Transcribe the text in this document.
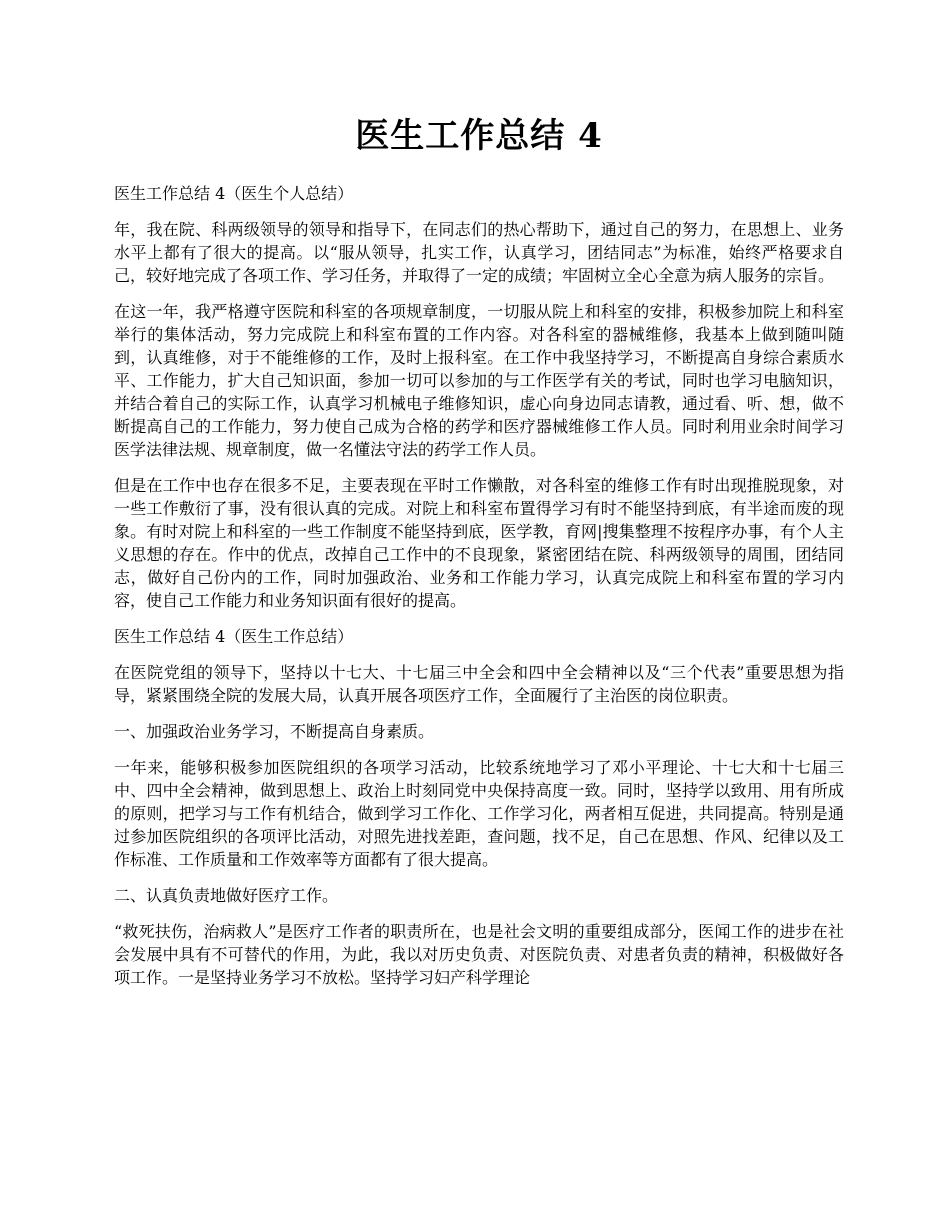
医生工作总结 4

医生工作总结 4（医生个人总结）

年，我在院、科两级领导的领导和指导下，在同志们的热心帮助下，通过自己的努力，在思想上、业务水平上都有了很大的提高。以“服从领导，扎实工作，认真学习，团结同志”为标准，始终严格要求自己，较好地完成了各项工作、学习任务，并取得了一定的成绩；牢固树立全心全意为病人服务的宗旨。

在这一年，我严格遵守医院和科室的各项规章制度，一切服从院上和科室的安排，积极参加院上和科室举行的集体活动，努力完成院上和科室布置的工作内容。对各科室的器械维修，我基本上做到随叫随到，认真维修，对于不能维修的工作，及时上报科室。在工作中我坚持学习，不断提高自身综合素质水平、工作能力，扩大自己知识面，参加一切可以参加的与工作医学有关的考试，同时也学习电脑知识，并结合着自己的实际工作，认真学习机械电子维修知识，虚心向身边同志请教，通过看、听、想，做不断提高自己的工作能力，努力使自己成为合格的药学和医疗器械维修工作人员。同时利用业余时间学习医学法律法规、规章制度，做一名懂法守法的药学工作人员。

但是在工作中也存在很多不足，主要表现在平时工作懒散，对各科室的维修工作有时出现推脱现象，对一些工作敷衍了事，没有很认真的完成。对院上和科室布置得学习有时不能坚持到底，有半途而废的现象。有时对院上和科室的一些工作制度不能坚持到底，医学教，育网|搜集整理不按程序办事，有个人主义思想的存在。作中的优点，改掉自己工作中的不良现象，紧密团结在院、科两级领导的周围，团结同志，做好自己份内的工作，同时加强政治、业务和工作能力学习，认真完成院上和科室布置的学习内容，使自己工作能力和业务知识面有很好的提高。

医生工作总结 4（医生工作总结）

在医院党组的领导下，坚持以十七大、十七届三中全会和四中全会精神以及“三个代表”重要思想为指导，紧紧围绕全院的发展大局，认真开展各项医疗工作，全面履行了主治医的岗位职责。

一、加强政治业务学习，不断提高自身素质。

一年来，能够积极参加医院组织的各项学习活动，比较系统地学习了邓小平理论、十七大和十七届三中、四中全会精神，做到思想上、政治上时刻同党中央保持高度一致。同时，坚持学以致用、用有所成的原则，把学习与工作有机结合，做到学习工作化、工作学习化，两者相互促进，共同提高。特别是通过参加医院组织的各项评比活动，对照先进找差距，查问题，找不足，自己在思想、作风、纪律以及工作标准、工作质量和工作效率等方面都有了很大提高。

二、认真负责地做好医疗工作。

“救死扶伤，治病救人”是医疗工作者的职责所在，也是社会文明的重要组成部分，医闻工作的进步在社会发展中具有不可替代的作用，为此，我以对历史负责、对医院负责、对患者负责的精神，积极做好各项工作。一是坚持业务学习不放松。坚持学习妇产科学理论
